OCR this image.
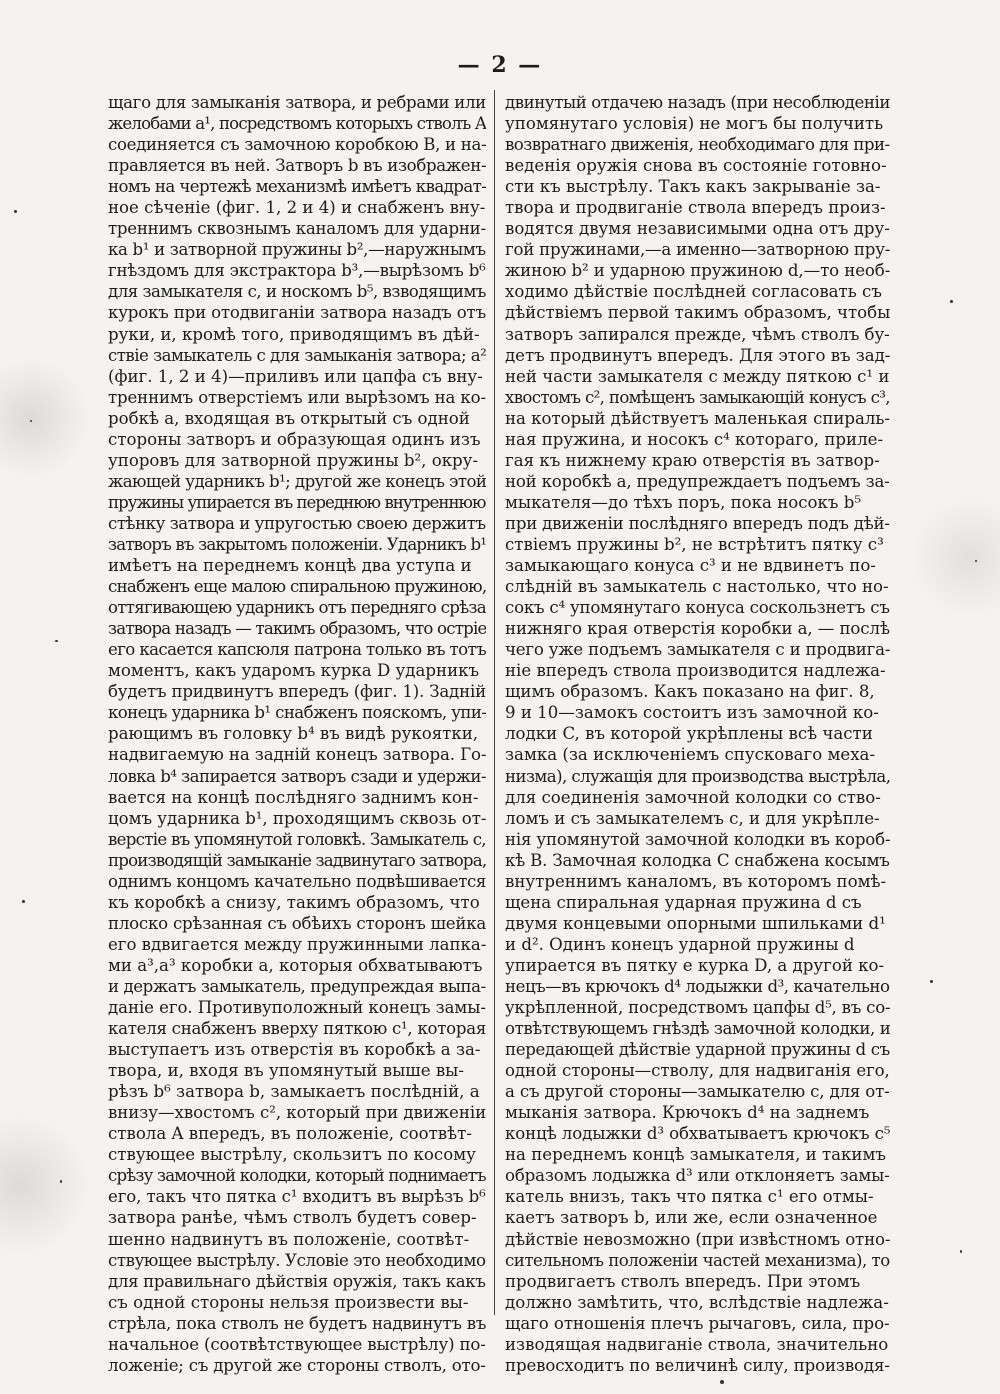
— 2 —
щаго для замыканія затвора, и ребрами или
желобами a¹, посредствомъ которыхъ стволъ A
соединяется съ замочною коробкою B, и на-
правляется въ ней. Затворъ b въ изображен-
номъ на чертежѣ механизмѣ имѣетъ квадрат-
ное сѣченіе (фиг. 1, 2 и 4) и снабженъ вну-
треннимъ сквознымъ каналомъ для ударни-
ка b¹ и затворной пружины b²,—наружнымъ
гнѣздомъ для экстрактора b³,—вырѣзомъ b⁶
для замыкателя c, и носкомъ b⁵, взводящимъ
курокъ при отодвиганіи затвора назадъ отъ
руки, и, кромѣ того, приводящимъ въ дѣй-
ствіе замыкатель c для замыканія затвора; a²
(фиг. 1, 2 и 4)—приливъ или цапфа съ вну-
треннимъ отверстіемъ или вырѣзомъ на ко-
робкѣ a, входящая въ открытый съ одной
стороны затворъ и образующая одинъ изъ
упоровъ для затворной пружины b², окру-
жающей ударникъ b¹; другой же конецъ этой
пружины упирается въ переднюю внутреннюю
стѣнку затвора и упругостью своею держитъ
затворъ въ закрытомъ положеніи. Ударникъ b¹
имѣетъ на переднемъ концѣ два уступа и
снабженъ еще малою спиральною пружиною,
оттягивающею ударникъ отъ передняго срѣза
затвора назадъ — такимъ образомъ, что остріе
его касается капсюля патрона только въ тотъ
моментъ, какъ ударомъ курка D ударникъ
будетъ придвинутъ впередъ (фиг. 1). Задній
конецъ ударника b¹ снабженъ пояскомъ, упи-
рающимъ въ головку b⁴ въ видѣ рукоятки,
надвигаемую на задній конецъ затвора. Го-
ловка b⁴ запирается затворъ сзади и удержи-
вается на концѣ послѣдняго заднимъ кон-
цомъ ударника b¹, проходящимъ сквозь от-
верстіе въ упомянутой головкѣ. Замыкатель c,
производящій замыканіе задвинутаго затвора,
однимъ концомъ качательно подвѣшивается
къ коробкѣ a снизу, такимъ образомъ, что
плоско срѣзанная съ обѣихъ сторонъ шейка
его вдвигается между пружинными лапка-
ми a³,a³ коробки a, которыя обхватываютъ
и держатъ замыкатель, предупреждая выпа-
даніе его. Противуположный конецъ замы-
кателя снабженъ вверху пяткою c¹, которая
выступаетъ изъ отверстія въ коробкѣ a за-
твора, и, входя въ упомянутый выше вы-
рѣзъ b⁶ затвора b, замыкаетъ послѣдній, а
внизу—хвостомъ c², который при движеніи
ствола A впередъ, въ положеніе, соотвѣт-
ствующее выстрѣлу, скользитъ по косому
срѣзу замочной колодки, который поднимаетъ
его, такъ что пятка c¹ входитъ въ вырѣзъ b⁶
затвора ранѣе, чѣмъ стволъ будетъ совер-
шенно надвинутъ въ положеніе, соотвѣт-
ствующее выстрѣлу. Условіе это необходимо
для правильнаго дѣйствія оружія, такъ какъ
съ одной стороны нельзя произвести вы-
стрѣла, пока стволъ не будетъ надвинутъ въ
начальное (соотвѣтствующее выстрѣлу) по-
ложеніе; съ другой же стороны стволъ, ото-
двинутый отдачею назадъ (при несоблюденіи
упомянутаго условія) не могъ бы получить
возвратнаго движенія, необходимаго для при-
веденія оружія снова въ состояніе готовно-
сти къ выстрѣлу. Такъ какъ закрываніе за-
твора и продвиганіе ствола впередъ произ-
водятся двумя независимыми одна отъ дру-
гой пружинами,—а именно—затворною пру-
жиною b² и ударною пружиною d,—то необ-
ходимо дѣйствіе послѣдней согласовать съ
дѣйствіемъ первой такимъ образомъ, чтобы
затворъ запирался прежде, чѣмъ стволъ бу-
детъ продвинутъ впередъ. Для этого въ зад-
ней части замыкателя c между пяткою c¹ и
хвостомъ c², помѣщенъ замыкающій конусъ c³,
на который дѣйствуетъ маленькая спираль-
ная пружина, и носокъ c⁴ котораго, приле-
гая къ нижнему краю отверстія въ затвор-
ной коробкѣ a, предупреждаетъ подъемъ за-
мыкателя—до тѣхъ поръ, пока носокъ b⁵
при движеніи послѣдняго впередъ подъ дѣй-
ствіемъ пружины b², не встрѣтитъ пятку c³
замыкающаго конуса c³ и не вдвинетъ по-
слѣдній въ замыкатель c настолько, что но-
сокъ c⁴ упомянутаго конуса соскользнетъ съ
нижняго края отверстія коробки a, — послѣ
чего уже подъемъ замыкателя c и продвига-
ніе впередъ ствола производится надлежа-
щимъ образомъ. Какъ показано на фиг. 8,
9 и 10—замокъ состоитъ изъ замочной ко-
лодки C, въ которой укрѣплены всѣ части
замка (за исключеніемъ спусковаго меха-
низма), служащія для производства выстрѣла,
для соединенія замочной колодки со ство-
ломъ и съ замыкателемъ c, и для укрѣпле-
нія упомянутой замочной колодки въ короб-
кѣ B. Замочная колодка C снабжена косымъ
внутреннимъ каналомъ, въ которомъ помѣ-
щена спиральная ударная пружина d съ
двумя концевыми опорными шпильками d¹
и d². Одинъ конецъ ударной пружины d
упирается въ пятку e курка D, а другой ко-
нецъ—въ крючокъ d⁴ лодыжки d³, качательно
укрѣпленной, посредствомъ цапфы d⁵, въ со-
отвѣтствующемъ гнѣздѣ замочной колодки, и
передающей дѣйствіе ударной пружины d съ
одной стороны—стволу, для надвиганія его,
а съ другой стороны—замыкателю c, для от-
мыканія затвора. Крючокъ d⁴ на заднемъ
концѣ лодыжки d³ обхватываетъ крючокъ c⁵
на переднемъ концѣ замыкателя, и такимъ
образомъ лодыжка d³ или отклоняетъ замы-
катель внизъ, такъ что пятка c¹ его отмы-
каетъ затворъ b, или же, если означенное
дѣйствіе невозможно (при извѣстномъ отно-
сительномъ положеніи частей механизма), то
продвигаетъ стволъ впередъ. При этомъ
должно замѣтить, что, вслѣдствіе надлежа-
щаго отношенія плечъ рычаговъ, сила, про-
изводящая надвиганіе ствола, значительно
превосходитъ по величинѣ силу, производя-
